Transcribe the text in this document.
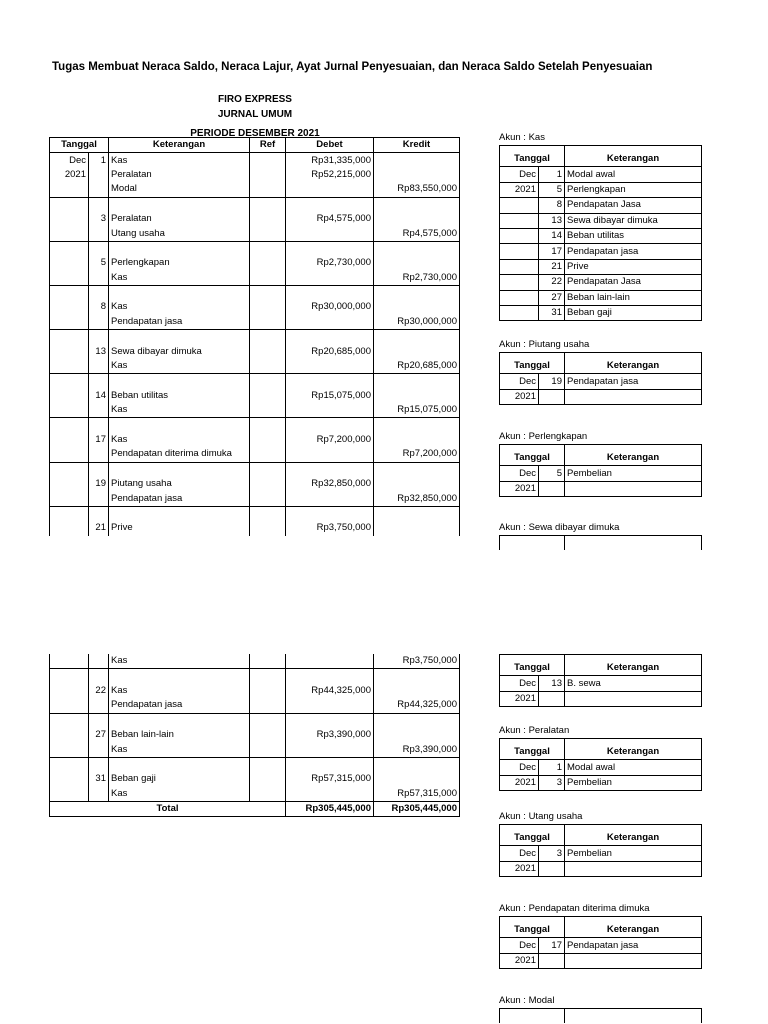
Tugas Membuat Neraca Saldo, Neraca Lajur, Ayat Jurnal Penyesuaian, dan Neraca Saldo Setelah Penyesuaian
FIRO EXPRESS
JURNAL UMUM
PERIODE DESEMBER 2021
Tanggal		Keterangan	Ref	Debet	Kredit
Dec	1	Kas		Rp31,335,000	
2021		Peralatan		Rp52,215,000	
		Modal			Rp83,550,000

	3	Peralatan		Rp4,575,000	
		Utang usaha			Rp4,575,000

	5	Perlengkapan		Rp2,730,000	
		Kas			Rp2,730,000

	8	Kas		Rp30,000,000	
		Pendapatan jasa			Rp30,000,000

	13	Sewa dibayar dimuka		Rp20,685,000	
		Kas			Rp20,685,000

	14	Beban utilitas		Rp15,075,000	
		Kas			Rp15,075,000

	17	Kas		Rp7,200,000	
		Pendapatan diterima dimuka			Rp7,200,000

	19	Piutang usaha		Rp32,850,000	
		Pendapatan jasa			Rp32,850,000

	21	Prive		Rp3,750,000	
		Kas			Rp3,750,000

	22	Kas		Rp44,325,000	
		Pendapatan jasa			Rp44,325,000

	27	Beban lain-lain		Rp3,390,000	
		Kas			Rp3,390,000

	31	Beban gaji		Rp57,315,000	
		Kas			Rp57,315,000
Total				Rp305,445,000	Rp305,445,000
Akun : Kas

Tanggal		Keterangan
Dec	1	Modal awal
2021	5	Perlengkapan
	8	Pendapatan Jasa
	13	Sewa dibayar dimuka
	14	Beban utilitas
	17	Pendapatan jasa
	21	Prive
	22	Pendapatan Jasa
	27	Beban lain-lain
	31	Beban gaji
Akun : Piutang usaha

Tanggal		Keterangan
Dec	19	Pendapatan jasa
2021		
Akun : Perlengkapan

Tanggal		Keterangan
Dec	5	Pembelian
2021		
Akun : Sewa dibayar dimuka

Tanggal		Keterangan
Dec	13	B. sewa
2021		
Akun : Peralatan

Tanggal		Keterangan
Dec	1	Modal awal
2021	3	Pembelian
Akun : Utang usaha

Tanggal		Keterangan
Dec	3	Pembelian
2021		
Akun : Pendapatan diterima dimuka

Tanggal		Keterangan
Dec	17	Pendapatan jasa
2021		
Akun : Modal
